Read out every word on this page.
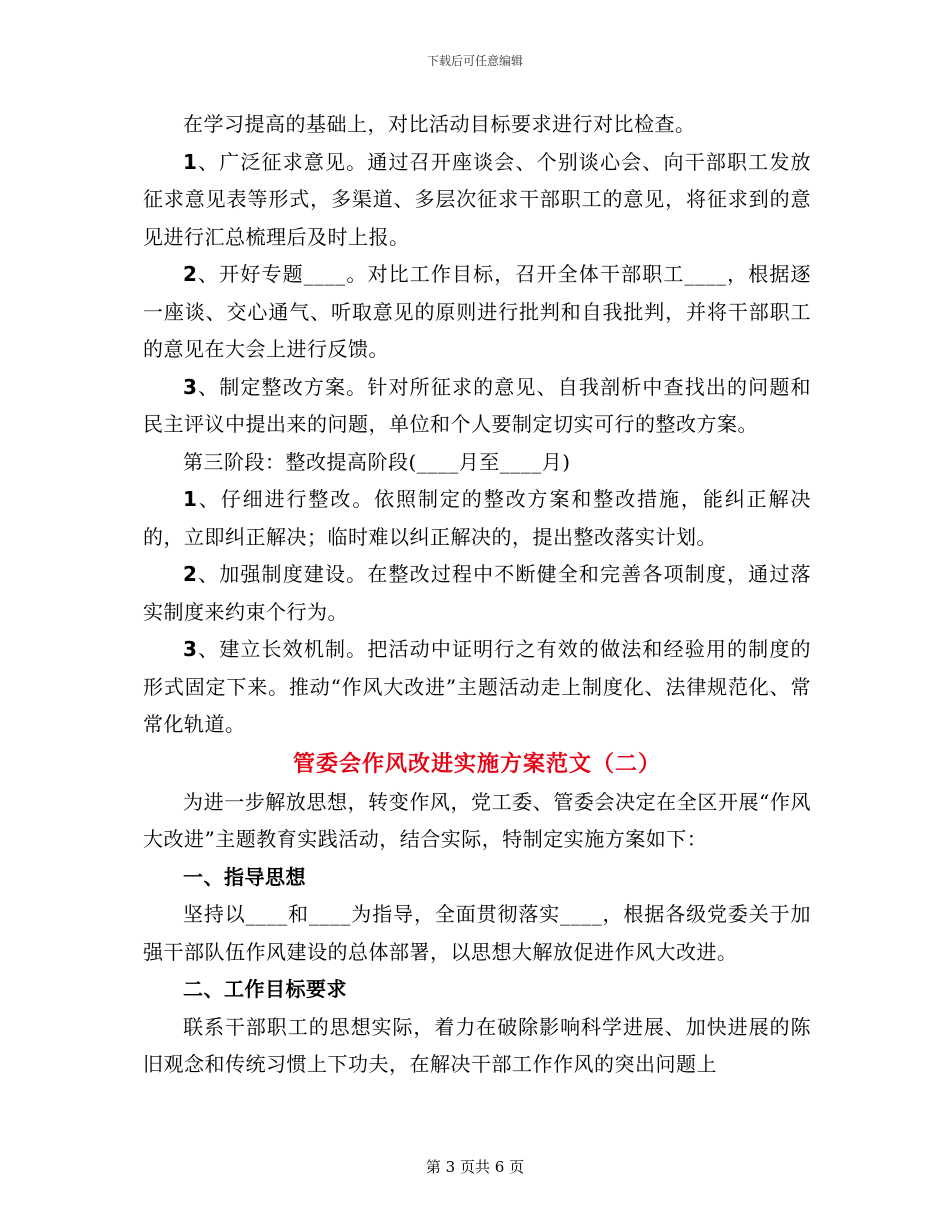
下载后可任意编辑

在学习提高的基础上，对比活动目标要求进行对比检查。

1、广泛征求意见。通过召开座谈会、个别谈心会、向干部职工发放征求意见表等形式，多渠道、多层次征求干部职工的意见，将征求到的意见进行汇总梳理后及时上报。

2、开好专题____。对比工作目标，召开全体干部职工____，根据逐一座谈、交心通气、听取意见的原则进行批判和自我批判，并将干部职工的意见在大会上进行反馈。

3、制定整改方案。针对所征求的意见、自我剖析中查找出的问题和民主评议中提出来的问题，单位和个人要制定切实可行的整改方案。

第三阶段：整改提高阶段(____月至____月)

1、仔细进行整改。依照制定的整改方案和整改措施，能纠正解决的，立即纠正解决；临时难以纠正解决的，提出整改落实计划。

2、加强制度建设。在整改过程中不断健全和完善各项制度，通过落实制度来约束个行为。

3、建立长效机制。把活动中证明行之有效的做法和经验用的制度的形式固定下来。推动“作风大改进”主题活动走上制度化、法律规范化、常常化轨道。

管委会作风改进实施方案范文（二）

为进一步解放思想，转变作风，党工委、管委会决定在全区开展“作风大改进”主题教育实践活动，结合实际，特制定实施方案如下：

一、指导思想

坚持以____和____为指导，全面贯彻落实____，根据各级党委关于加强干部队伍作风建设的总体部署，以思想大解放促进作风大改进。

二、工作目标要求

联系干部职工的思想实际，着力在破除影响科学进展、加快进展的陈旧观念和传统习惯上下功夫，在解决干部工作作风的突出问题上

第 3 页共 6 页
